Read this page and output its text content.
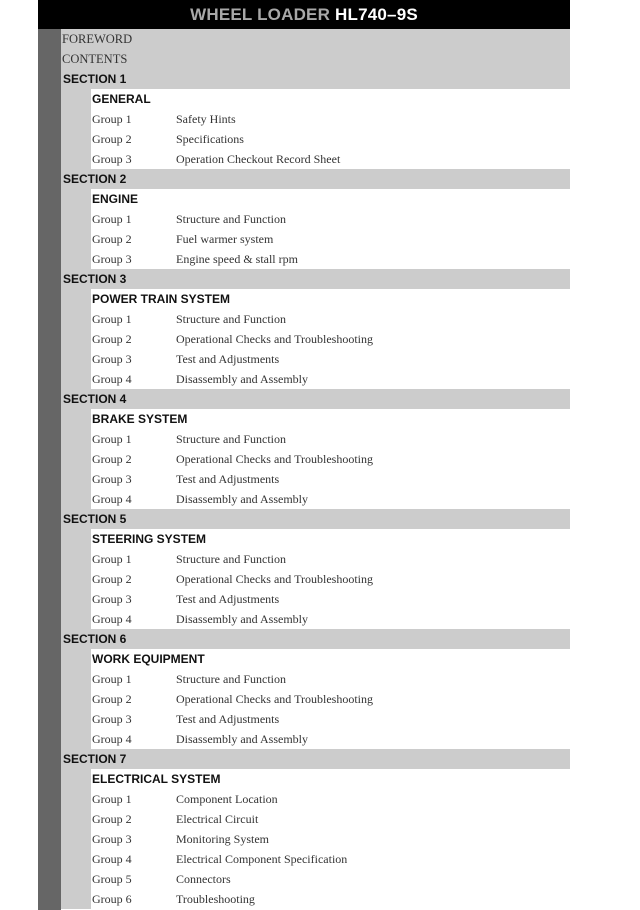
WHEEL LOADER HL740–9S
FOREWORD
CONTENTS
SECTION 1
GENERAL
Group 1	Safety Hints
Group 2	Specifications
Group 3	Operation Checkout Record Sheet
SECTION 2
ENGINE
Group 1	Structure and Function
Group 2	Fuel warmer system
Group 3	Engine speed & stall rpm
SECTION 3
POWER TRAIN SYSTEM
Group 1	Structure and Function
Group 2	Operational Checks and Troubleshooting
Group 3	Test and Adjustments
Group 4	Disassembly and Assembly
SECTION 4
BRAKE SYSTEM
Group 1	Structure and Function
Group 2	Operational Checks and Troubleshooting
Group 3	Test and Adjustments
Group 4	Disassembly and Assembly
SECTION 5
STEERING SYSTEM
Group 1	Structure and Function
Group 2	Operational Checks and Troubleshooting
Group 3	Test and Adjustments
Group 4	Disassembly and Assembly
SECTION 6
WORK EQUIPMENT
Group 1	Structure and Function
Group 2	Operational Checks and Troubleshooting
Group 3	Test and Adjustments
Group 4	Disassembly and Assembly
SECTION 7
ELECTRICAL SYSTEM
Group 1	Component Location
Group 2	Electrical Circuit
Group 3	Monitoring System
Group 4	Electrical Component Specification
Group 5	Connectors
Group 6	Troubleshooting
